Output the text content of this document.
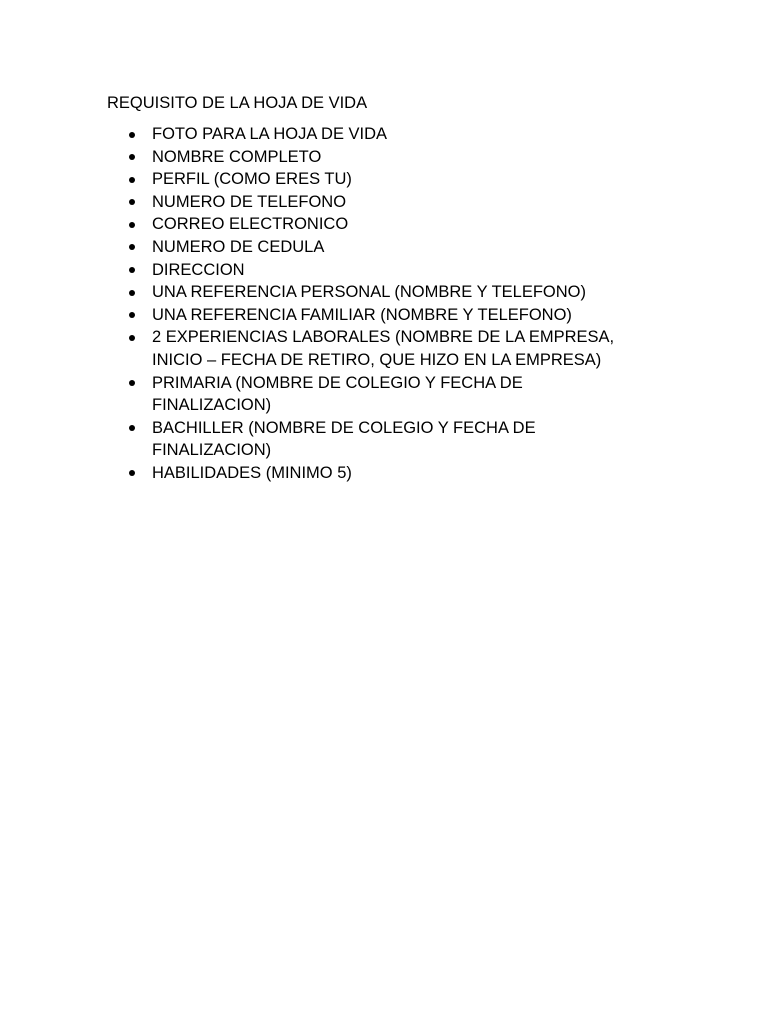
REQUISITO DE LA HOJA DE VIDA
FOTO PARA LA HOJA DE VIDA
NOMBRE COMPLETO
PERFIL (COMO ERES TU)
NUMERO DE TELEFONO
CORREO ELECTRONICO
NUMERO DE CEDULA
DIRECCION
UNA REFERENCIA PERSONAL (NOMBRE Y TELEFONO)
UNA REFERENCIA FAMILIAR (NOMBRE Y TELEFONO)
2 EXPERIENCIAS LABORALES (NOMBRE DE LA EMPRESA,
INICIO – FECHA DE RETIRO, QUE HIZO EN LA EMPRESA)
PRIMARIA (NOMBRE DE COLEGIO Y FECHA DE
FINALIZACION)
BACHILLER (NOMBRE DE COLEGIO Y FECHA DE
FINALIZACION)
HABILIDADES (MINIMO 5)
